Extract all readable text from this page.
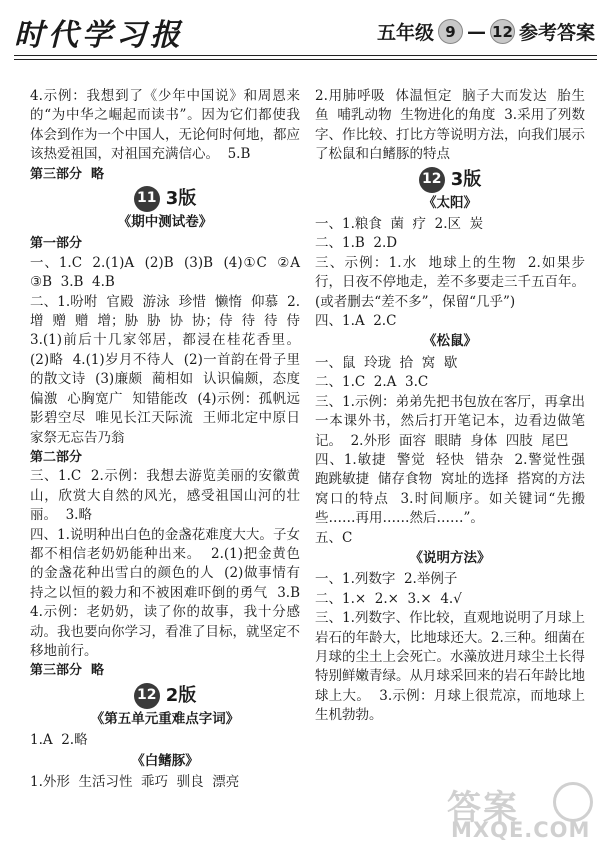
时代学习报	五年级 9 — 12 参考答案

4.示例：我想到了《少年中国说》和周恩来的“为中华之崛起而读书”。因为它们都使我体会到作为一个中国人，无论何时何地，都应该热爱祖国，对祖国充满信心。  5.B

第三部分  略

11 3版
《期中测试卷》

第一部分

一、1.C  2.(1)A  (2)B  (3)B  (4)①C  ②A  ③B  3.B  4.B

二、1.吩咐  官殿  游泳  珍惜  懒惰  仰慕  2.增  赠  赠  增；胁  胁  协  协；侍  待  待  侍  3.(1)前后十几家邻居，都浸在桂花香里。  (2)略  4.(1)岁月不待人  (2)一首韵在骨子里的散文诗  (3)廉颇  蔺相如  认识偏颇，态度偏激  心胸宽广  知错能改  (4)示例：孤帆远影碧空尽  唯见长江天际流  王师北定中原日  家祭无忘告乃翁

第二部分

三、1.C  2.示例：我想去游览美丽的安徽黄山，欣赏大自然的风光，感受祖国山河的壮丽。  3.略

四、1.说明种出白色的金盏花难度大大。子女都不相信老奶奶能种出来。  2.(1)把金黄色的金盏花种出雪白的颜色的人  (2)做事情有持之以恒的毅力和不被困难吓倒的勇气  3.B  4.示例：老奶奶，读了你的故事，我十分感动。我也要向你学习，看准了目标，就坚定不移地前行。

第三部分  略

12 2版
《第五单元重难点字词》

1.A  2.略

《白鳍豚》

1.外形  生活习性  乖巧  驯良  漂亮

2.用肺呼吸  体温恒定  脑子大而发达  胎生  鱼  哺乳动物  生物进化的角度  3.采用了列数字、作比较、打比方等说明方法，向我们展示了松鼠和白鳍豚的特点

12 3版
《太阳》

一、1.粮食  菌  疗  2.区  炭

二、1.B  2.D

三、示例：1.水  地球上的生物  2.如果步行，日夜不停地走，差不多要走三千五百年。(或者删去“差不多”，保留“几乎”)

四、1.A  2.C

《松鼠》

一、鼠  玲珑  拾  窝  歇

二、1.C  2.A  3.C

三、1.示例：弟弟先把书包放在客厅，再拿出一本课外书，然后打开笔记本，边看边做笔记。  2.外形  面容  眼睛  身体  四肢  尾巴

四、1.敏捷  警觉  轻快  错杂  2.警觉性强  跑跳敏捷  储存食物  窝址的选择  搭窝的方法  窝口的特点  3.时间顺序。如关键词“先搬些……再用……然后……”。

五、C

《说明方法》

一、1.列数字  2.举例子

二、1.×  2.×  3.×  4.√

三、1.列数字、作比较，直观地说明了月球上岩石的年龄大，比地球还大。2.三种。细菌在月球的尘土上会死亡。水藻放进月球尘土长得特别鲜嫩青绿。从月球采回来的岩石年龄比地球上大。  3.示例：月球上很荒凉，而地球上生机勃勃。

答案
MXQE.COM
